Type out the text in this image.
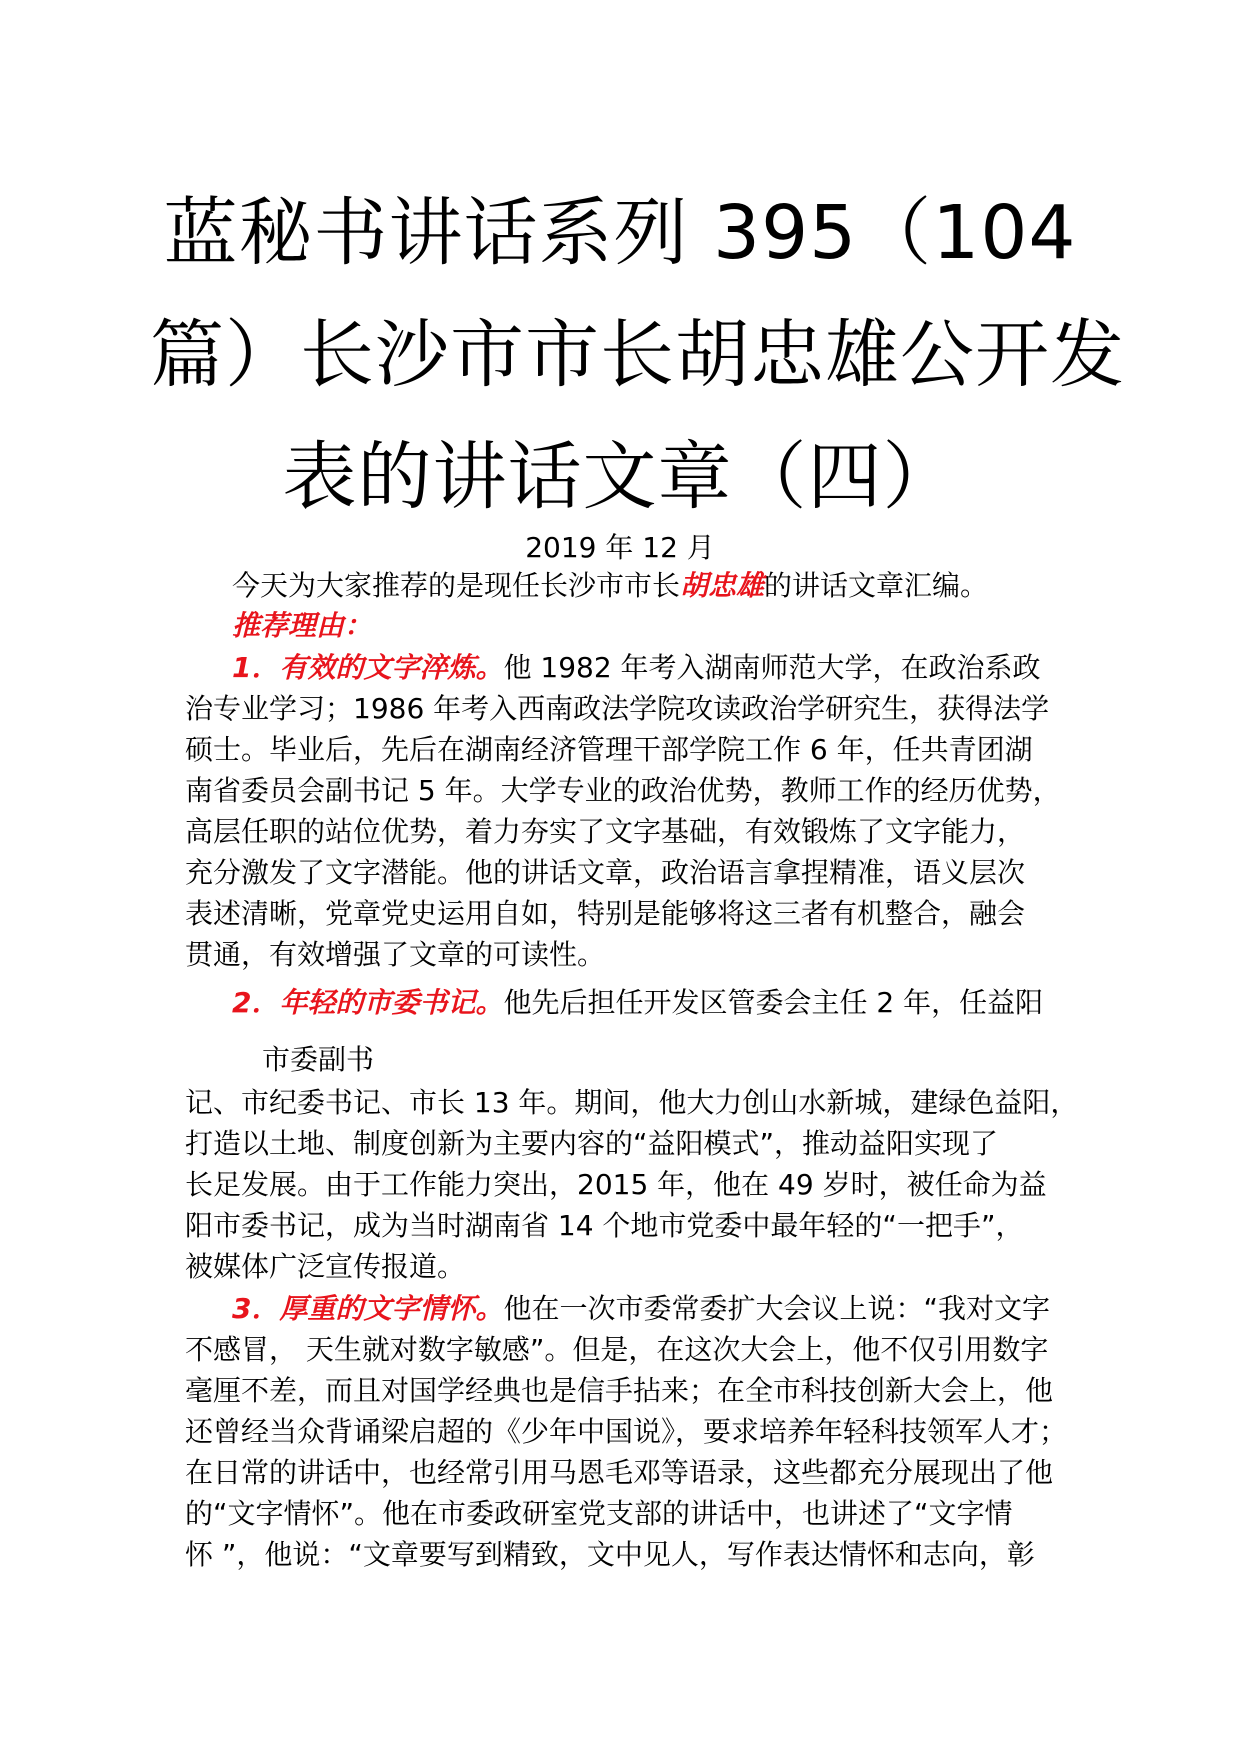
蓝秘书讲话系列 395（104
篇）长沙市市长胡忠雄公开发
表的讲话文章（四）
2019 年 12 月
今天为大家推荐的是现任长沙市市长胡忠雄的讲话文章汇编。
推荐理由：
1．有效的文字淬炼。他 1982 年考入湖南师范大学，在政治系政
治专业学习；1986 年考入西南政法学院攻读政治学研究生，获得法学
硕士。毕业后，先后在湖南经济管理干部学院工作 6 年，任共青团湖
南省委员会副书记 5 年。大学专业的政治优势，教师工作的经历优势，
高层任职的站位优势，着力夯实了文字基础，有效锻炼了文字能力，
充分激发了文字潜能。他的讲话文章，政治语言拿捏精准，语义层次
表述清晰，党章党史运用自如，特别是能够将这三者有机整合，融会
贯通，有效增强了文章的可读性。
2．年轻的市委书记。他先后担任开发区管委会主任 2 年，任益阳
市委副书
记、市纪委书记、市长 13 年。期间，他大力创山水新城，建绿色益阳，
打造以土地、制度创新为主要内容的“益阳模式”，推动益阳实现了
长足发展。由于工作能力突出，2015 年，他在 49 岁时，被任命为益
阳市委书记，成为当时湖南省 14 个地市党委中最年轻的“一把手”，
被媒体广泛宣传报道。
3．厚重的文字情怀。他在一次市委常委扩大会议上说：“我对文字
不感冒， 天生就对数字敏感”。但是，在这次大会上，他不仅引用数字
毫厘不差，而且对国学经典也是信手拈来；在全市科技创新大会上，他
还曾经当众背诵梁启超的《少年中国说》，要求培养年轻科技领军人才；
在日常的讲话中，也经常引用马恩毛邓等语录，这些都充分展现出了他
的“文字情怀”。他在市委政研室党支部的讲话中，也讲述了“文字情
怀 ”，他说：“文章要写到精致，文中见人，写作表达情怀和志向，彰
